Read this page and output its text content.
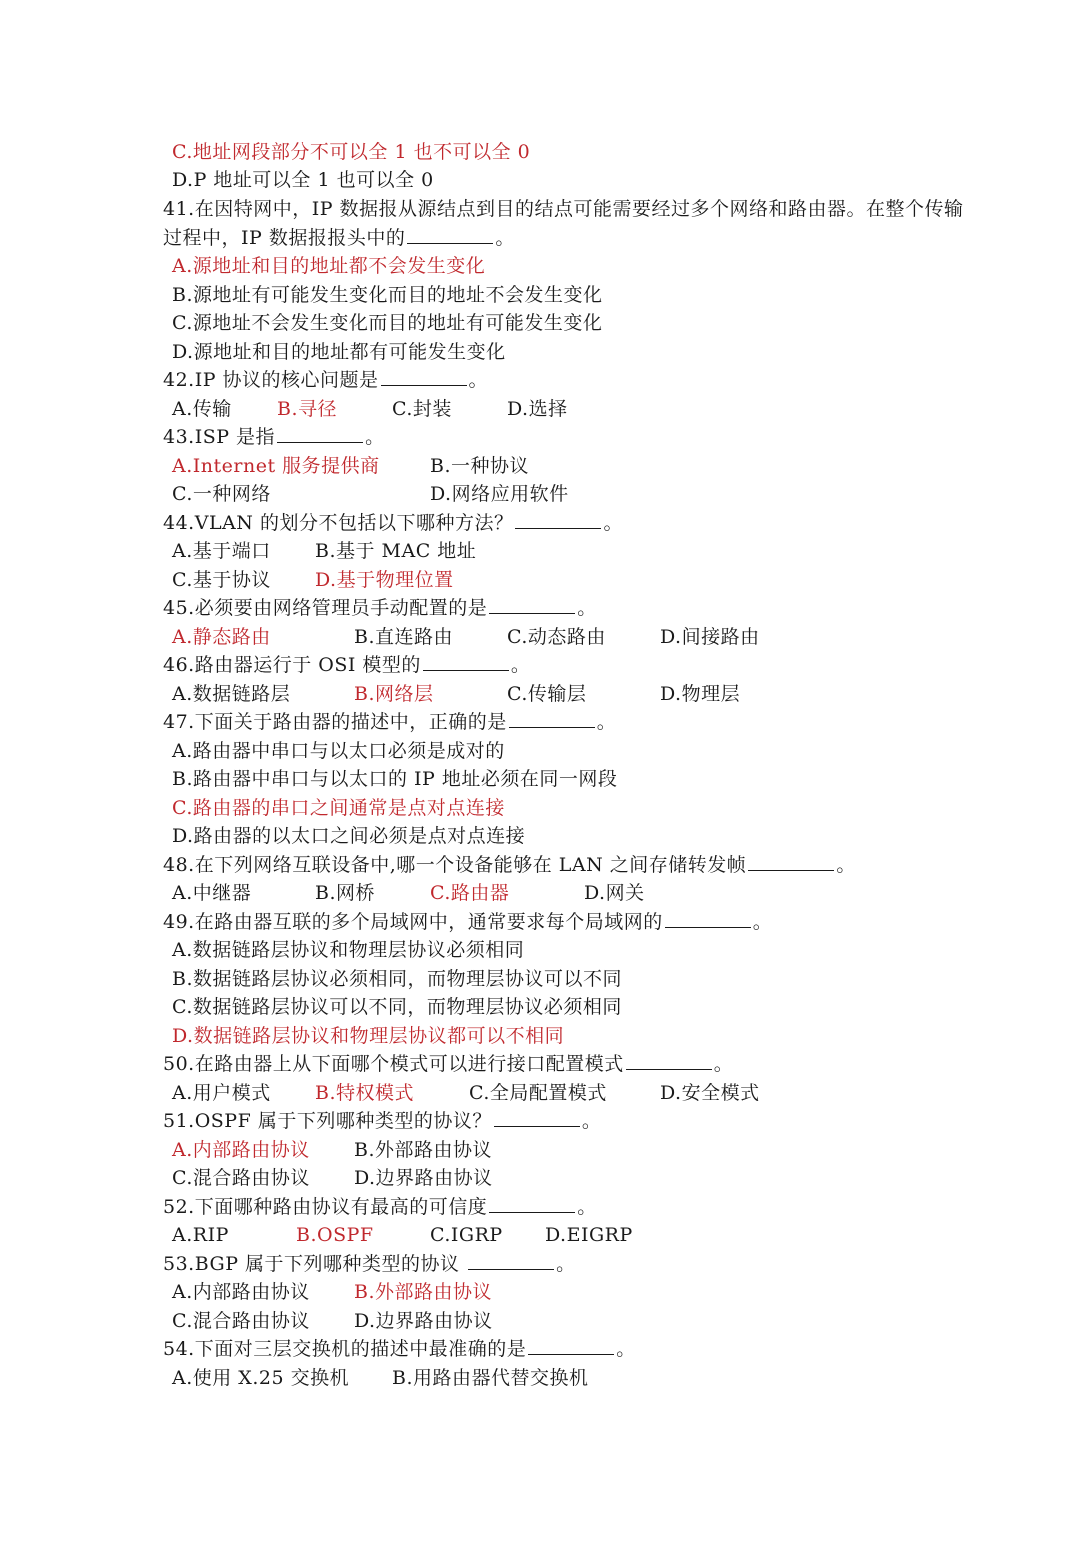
C.地址网段部分不可以全 1 也不可以全 0
D.P 地址可以全 1 也可以全 0
41.在因特网中，IP 数据报从源结点到目的结点可能需要经过多个网络和路由器。在整个传输
过程中，IP 数据报报头中的	。
A.源地址和目的地址都不会发生变化
B.源地址有可能发生变化而目的地址不会发生变化
C.源地址不会发生变化而目的地址有可能发生变化
D.源地址和目的地址都有可能发生变化
42.IP 协议的核心问题是	。
A.传输 B.寻径	C.封装	D.选择
43.ISP 是指	。
A.Internet 服务提供商	B.一种协议
C.一种网络	D.网络应用软件
44.VLAN 的划分不包括以下哪种方法？	。
A.基于端口 B.基于 MAC 地址
C.基于协议 D.基于物理位置
45.必须要由网络管理员手动配置的是	。
A.静态路由	B.直连路由	C.动态路由	D.间接路由
46.路由器运行于 OSI 模型的	。
A.数据链路层	B.网络层	C.传输层	D.物理层
47.下面关于路由器的描述中，正确的是	。
A.路由器中串口与以太口必须是成对的
B.路由器中串口与以太口的 IP 地址必须在同一网段
C.路由器的串口之间通常是点对点连接
D.路由器的以太口之间必须是点对点连接
48.在下列网络互联设备中,哪一个设备能够在 LAN 之间存储转发帧	。
A.中继器	B.网桥	C.路由器	D.网关
49.在路由器互联的多个局域网中，通常要求每个局域网的	。
A.数据链路层协议和物理层协议必须相同
B.数据链路层协议必须相同，而物理层协议可以不同
C.数据链路层协议可以不同，而物理层协议必须相同
D.数据链路层协议和物理层协议都可以不相同
50.在路由器上从下面哪个模式可以进行接口配置模式	。
A.用户模式 B.特权模式	C.全局配置模式	D.安全模式
51.OSPF 属于下列哪种类型的协议？	。
A.内部路由协议 B.外部路由协议
C.混合路由协议 D.边界路由协议
52.下面哪种路由协议有最高的可信度	。
A.RIP	B.OSPF	C.IGRP D.EIGRP
53.BGP 属于下列哪种类型的协议	。
A.内部路由协议 B.外部路由协议
C.混合路由协议 D.边界路由协议
54.下面对三层交换机的描述中最准确的是	。
A.使用 X.25 交换机 B.用路由器代替交换机
